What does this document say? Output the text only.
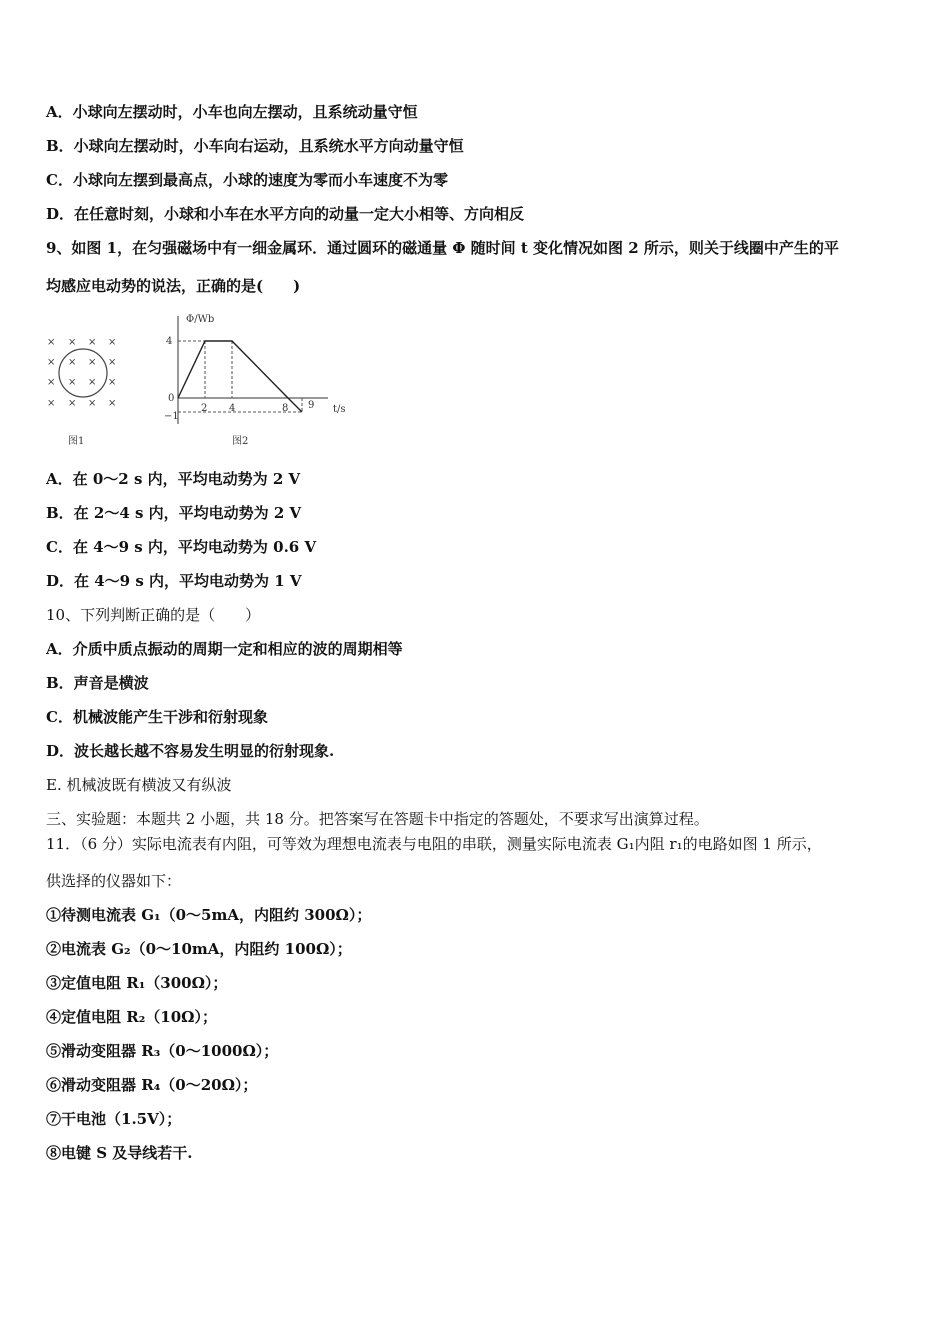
A．小球向左摆动时，小车也向左摆动，且系统动量守恒
B．小球向左摆动时，小车向右运动，且系统水平方向动量守恒
C．小球向左摆到最高点，小球的速度为零而小车速度不为零
D．在任意时刻，小球和小车在水平方向的动量一定大小相等、方向相反
9、如图 1，在匀强磁场中有一细金属环．通过圆环的磁通量 Φ 随时间 t 变化情况如图 2 所示，则关于线圈中产生的平
均感应电动势的说法，正确的是(　　)
× × × ×
× × × ×
× × × ×
× × × ×
图1
Φ/Wb
t/s
4
0
−1
2 4	8 9
图2
A．在 0～2 s 内，平均电动势为 2 V
B．在 2～4 s 内，平均电动势为 2 V
C．在 4～9 s 内，平均电动势为 0.6 V
D．在 4～9 s 内，平均电动势为 1 V
10、下列判断正确的是（　　）
A．介质中质点振动的周期一定和相应的波的周期相等
B．声音是横波
C．机械波能产生干涉和衍射现象
D．波长越长越不容易发生明显的衍射现象.
E. 机械波既有横波又有纵波
三、实验题：本题共 2 小题，共 18 分。把答案写在答题卡中指定的答题处，不要求写出演算过程。
11．（6 分）实际电流表有内阻，可等效为理想电流表与电阻的串联，测量实际电流表 G₁内阻 r₁的电路如图 1 所示，
供选择的仪器如下：
①待测电流表 G₁（0～5mA，内阻约 300Ω）；
②电流表 G₂（0～10mA，内阻约 100Ω）；
③定值电阻 R₁（300Ω）；
④定值电阻 R₂（10Ω）；
⑤滑动变阻器 R₃（0～1000Ω）；
⑥滑动变阻器 R₄（0～20Ω）；
⑦干电池（1.5V）；
⑧电键 S 及导线若干.
